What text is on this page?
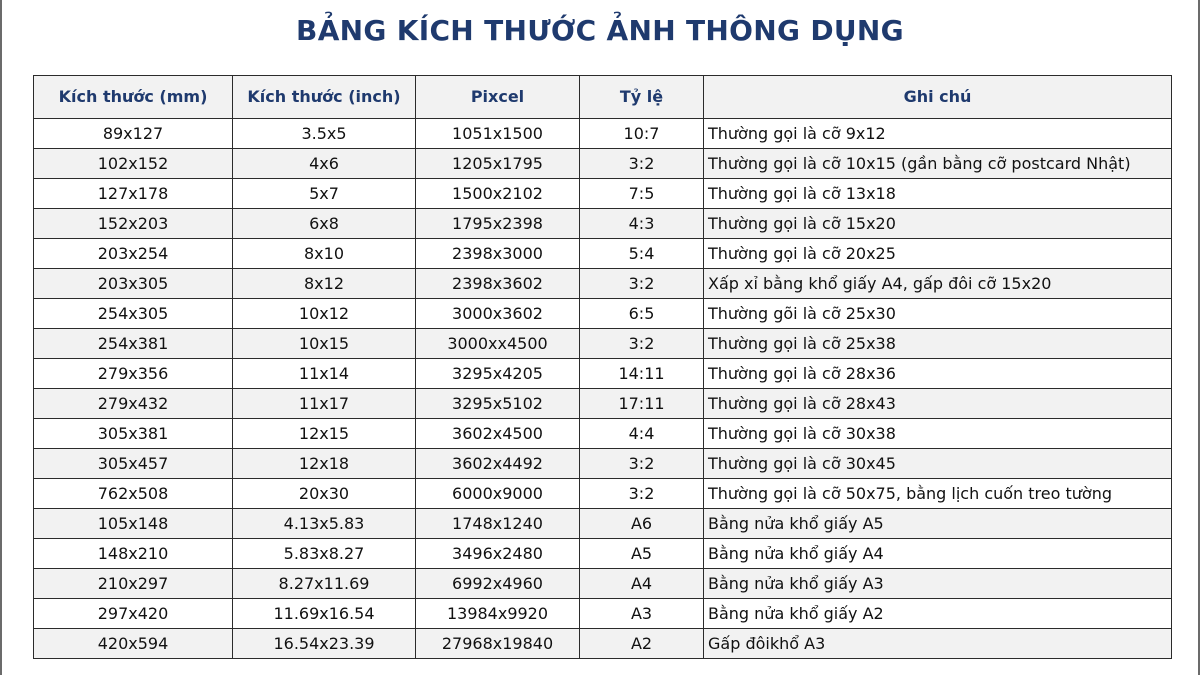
BẢNG KÍCH THƯỚC ẢNH THÔNG DỤNG
Kích thước (mm)	Kích thước (inch)	Pixcel	Tỷ lệ	Ghi chú
89x127	3.5x5	1051x1500	10:7	Thường gọi là cỡ 9x12
102x152	4x6	1205x1795	3:2	Thường gọi là cỡ 10x15 (gần bằng cỡ postcard Nhật)
127x178	5x7	1500x2102	7:5	Thường gọi là cỡ 13x18
152x203	6x8	1795x2398	4:3	Thường gọi là cỡ 15x20
203x254	8x10	2398x3000	5:4	Thường gọi là cỡ 20x25
203x305	8x12	2398x3602	3:2	Xấp xỉ bằng khổ giấy A4, gấp đôi cỡ 15x20
254x305	10x12	3000x3602	6:5	Thường gõi là cỡ 25x30
254x381	10x15	3000xx4500	3:2	Thường gọi là cỡ 25x38
279x356	11x14	3295x4205	14:11	Thường gọi là cỡ 28x36
279x432	11x17	3295x5102	17:11	Thường gọi là cỡ 28x43
305x381	12x15	3602x4500	4:4	Thường gọi là cỡ 30x38
305x457	12x18	3602x4492	3:2	Thường gọi là cỡ 30x45
762x508	20x30	6000x9000	3:2	Thường gọi là cỡ 50x75, bằng lịch cuốn treo tường
105x148	4.13x5.83	1748x1240	A6	Bằng nửa khổ giấy A5
148x210	5.83x8.27	3496x2480	A5	Bằng nửa khổ giấy A4
210x297	8.27x11.69	6992x4960	A4	Bằng nửa khổ giấy A3
297x420	11.69x16.54	13984x9920	A3	Bằng nửa khổ giấy A2
420x594	16.54x23.39	27968x19840	A2	Gấp đôikhổ A3
